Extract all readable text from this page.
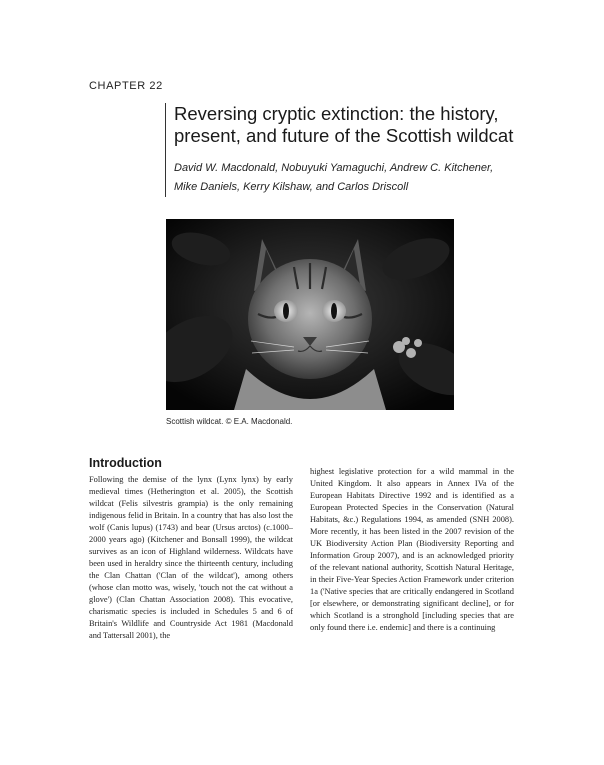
CHAPTER 22
Reversing cryptic extinction: the history,
present, and future of the Scottish wildcat

David W. Macdonald, Nobuyuki Yamaguchi, Andrew C. Kitchener,
Mike Daniels, Kerry Kilshaw, and Carlos Driscoll

Scottish wildcat. © E.A. Macdonald.
Introduction

Following the demise of the lynx (Lynx lynx) by early medieval times (Hetherington et al. 2005), the Scottish wildcat (Felis silvestris grampia) is the only remaining indigenous felid in Britain. In a country that has also lost the wolf (Canis lupus) (1743) and bear (Ursus arctos) (c.1000–2000 years ago) (Kitchener and Bonsall 1999), the wildcat survives as an icon of Highland wilderness. Wildcats have been used in heraldry since the thirteenth century, including the Clan Chattan ('Clan of the wildcat'), among others (whose clan motto was, wisely, 'touch not the cat without a glove') (Clan Chattan Association 2008). This evocative, charismatic species is included in Schedules 5 and 6 of Britain's Wildlife and Countryside Act 1981 (Macdonald and Tattersall 2001), the

highest legislative protection for a wild mammal in the United Kingdom. It also appears in Annex IVa of the European Habitats Directive 1992 and is identified as a European Protected Species in the Conservation (Natural Habitats, &c.) Regulations 1994, as amended (SNH 2008). More recently, it has been listed in the 2007 revision of the UK Biodiversity Action Plan (Biodiversity Reporting and Information Group 2007), and is an acknowledged priority of the relevant national authority, Scottish Natural Heritage, in their Five-Year Species Action Framework under criterion 1a ('Native species that are critically endangered in Scotland [or elsewhere, or demonstrating significant decline], or for which Scotland is a stronghold [including species that are only found there i.e. endemic] and there is a continuing
